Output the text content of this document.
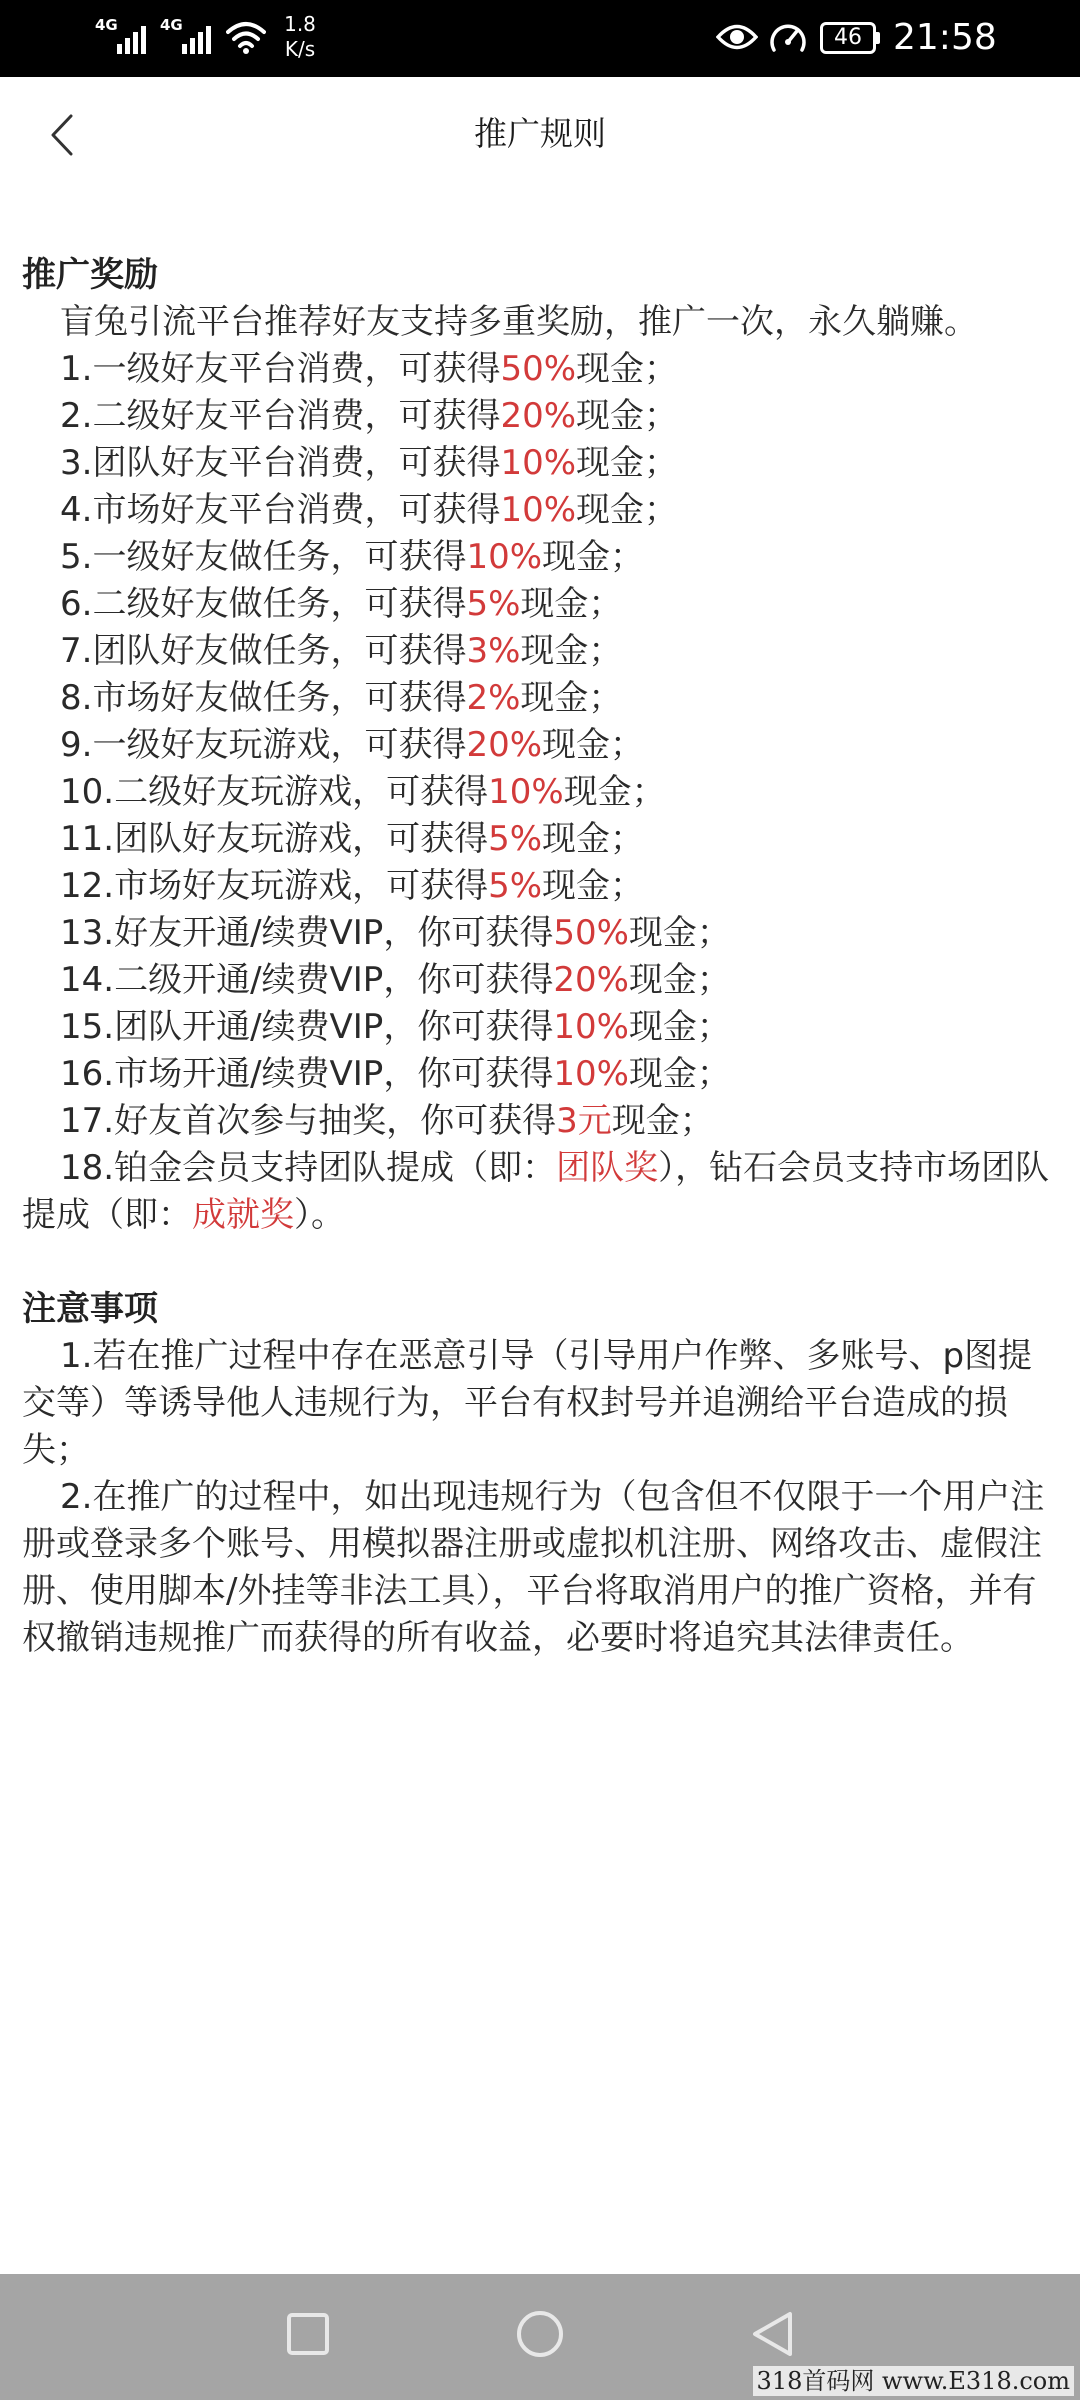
4G	4G	1.8
K/s	46 21:58
推广规则

推广奖励

盲兔引流平台推荐好友支持多重奖励，推广一次，永久躺赚。

1.一级好友平台消费，可获得50%现金；

2.二级好友平台消费，可获得20%现金；

3.团队好友平台消费，可获得10%现金；

4.市场好友平台消费，可获得10%现金；

5.一级好友做任务，可获得10%现金；

6.二级好友做任务，可获得5%现金；

7.团队好友做任务，可获得3%现金；

8.市场好友做任务，可获得2%现金；

9.一级好友玩游戏，可获得20%现金；

10.二级好友玩游戏，可获得10%现金；

11.团队好友玩游戏，可获得5%现金；

12.市场好友玩游戏，可获得5%现金；

13.好友开通/续费VIP，你可获得50%现金；

14.二级开通/续费VIP，你可获得20%现金；

15.团队开通/续费VIP，你可获得10%现金；

16.市场开通/续费VIP，你可获得10%现金；

17.好友首次参与抽奖，你可获得3元现金；

18.铂金会员支持团队提成（即：团队奖），钻石会员支持市场团队提成（即：成就奖）。

注意事项

1.若在推广过程中存在恶意引导（引导用户作弊、多账号、p图提交等）等诱导他人违规行为，平台有权封号并追溯给平台造成的损失；

2.在推广的过程中，如出现违规行为（包含但不仅限于一个用户注册或登录多个账号、用模拟器注册或虚拟机注册、网络攻击、虚假注册、使用脚本/外挂等非法工具），平台将取消用户的推广资格，并有权撤销违规推广而获得的所有收益，必要时将追究其法律责任。

318首码网 www.E318.com
